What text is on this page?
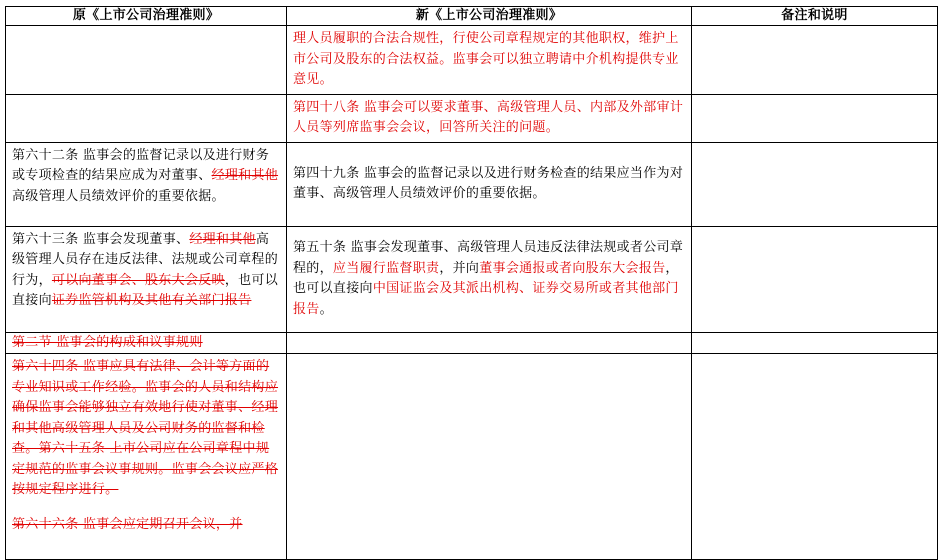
原《上市公司治理准则》	新《上市公司治理准则》	备注和说明
	理人员履职的合法合规性，行使公司章程规定的其他职权，维护上市公司及股东的合法权益。监事会可以独立聘请中介机构提供专业意见。	
	第四十八条 监事会可以要求董事、高级管理人员、内部及外部审计人员等列席监事会会议，回答所关注的问题。	
第六十二条 监事会的监督记录以及进行财务或专项检查的结果应成为对董事、经理和其他高级管理人员绩效评价的重要依据。	第四十九条 监事会的监督记录以及进行财务检查的结果应当作为对董事、高级管理人员绩效评价的重要依据。	
第六十三条 监事会发现董事、经理和其他高级管理人员存在违反法律、法规或公司章程的行为，可以向董事会、股东大会反映，也可以直接向证券监管机构及其他有关部门报告	第五十条 监事会发现董事、高级管理人员违反法律法规或者公司章程的，应当履行监督职责，并向董事会通报或者向股东大会报告，也可以直接向中国证监会及其派出机构、证券交易所或者其他部门报告。	
第二节 监事会的构成和议事规则		
第六十四条 监事应具有法律、会计等方面的专业知识或工作经验。监事会的人员和结构应确保监事会能够独立有效地行使对董事、经理和其他高级管理人员及公司财务的监督和检查。第六十五条 上市公司应在公司章程中规定规范的监事会议事规则。监事会会议应严格按规定程序进行。
第六十六条 监事会应定期召开会议，并		
